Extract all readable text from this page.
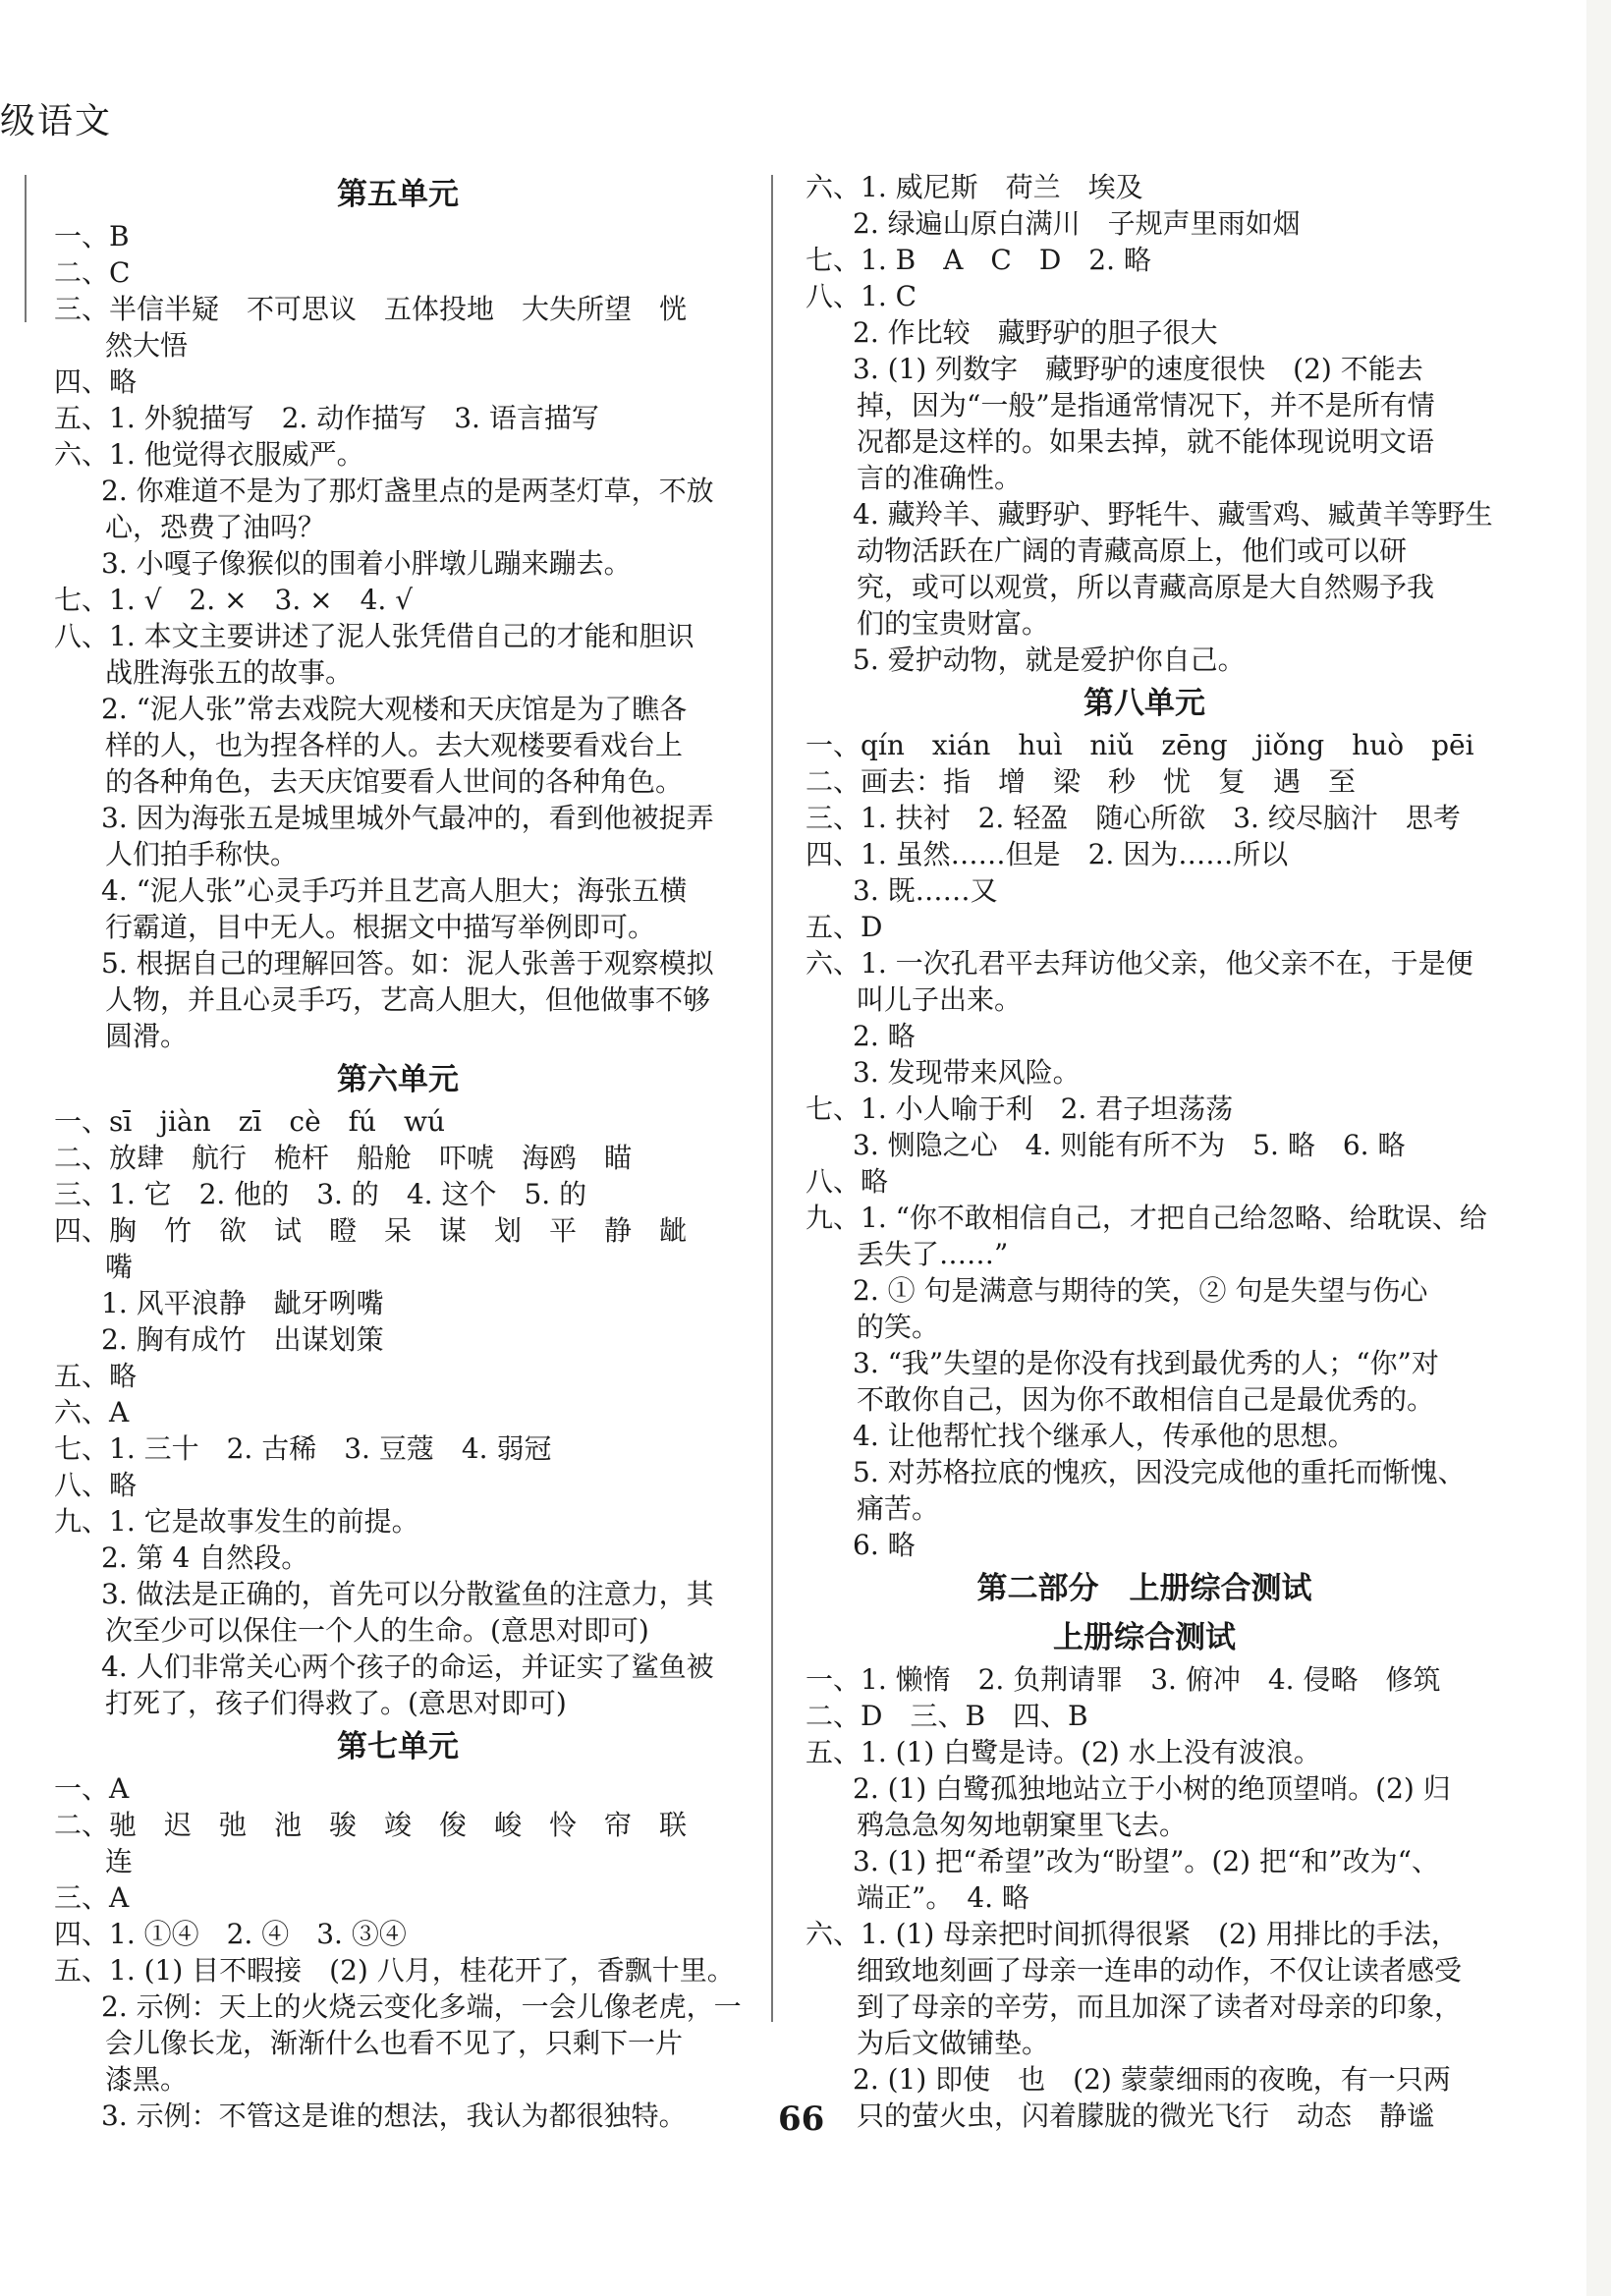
级语文
第五单元
一、B
二、C
三、半信半疑　不可思议　五体投地　大失所望　恍
然大悟
四、略
五、1. 外貌描写　2. 动作描写　3. 语言描写
六、1. 他觉得衣服威严。
2. 你难道不是为了那灯盏里点的是两茎灯草，不放
心，恐费了油吗？
3. 小嘎子像猴似的围着小胖墩儿蹦来蹦去。
七、1. √　2. ×　3. ×　4. √
八、1. 本文主要讲述了泥人张凭借自己的才能和胆识
战胜海张五的故事。
2. “泥人张”常去戏院大观楼和天庆馆是为了瞧各
样的人，也为捏各样的人。去大观楼要看戏台上
的各种角色，去天庆馆要看人世间的各种角色。
3. 因为海张五是城里城外气最冲的，看到他被捉弄
人们拍手称快。
4. “泥人张”心灵手巧并且艺高人胆大；海张五横
行霸道，目中无人。根据文中描写举例即可。
5. 根据自己的理解回答。如：泥人张善于观察模拟
人物，并且心灵手巧，艺高人胆大，但他做事不够
圆滑。
第六单元
一、sī　jiàn　zī　cè　fú　wú
二、放肆　航行　桅杆　船舱　吓唬　海鸥　瞄
三、1. 它　2. 他的　3. 的　4. 这个　5. 的
四、胸　竹　欲　试　瞪　呆　谋　划　平　静　龇
嘴
1. 风平浪静　龇牙咧嘴
2. 胸有成竹　出谋划策
五、略
六、A
七、1. 三十　2. 古稀　3. 豆蔻　4. 弱冠
八、略
九、1. 它是故事发生的前提。
2. 第 4 自然段。
3. 做法是正确的，首先可以分散鲨鱼的注意力，其
次至少可以保住一个人的生命。(意思对即可)
4. 人们非常关心两个孩子的命运，并证实了鲨鱼被
打死了，孩子们得救了。(意思对即可)
第七单元
一、A
二、驰　迟　弛　池　骏　竣　俊　峻　怜　帘　联
连
三、A
四、1. ①④　2. ④　3. ③④
五、1. (1) 目不暇接　(2) 八月，桂花开了，香飘十里。
2. 示例：天上的火烧云变化多端，一会儿像老虎，一
会儿像长龙，渐渐什么也看不见了，只剩下一片
漆黑。
3. 示例：不管这是谁的想法，我认为都很独特。
六、1. 威尼斯　荷兰　埃及
2. 绿遍山原白满川　子规声里雨如烟
七、1. B　A　C　D　2. 略
八、1. C
2. 作比较　藏野驴的胆子很大
3. (1) 列数字　藏野驴的速度很快　(2) 不能去
掉，因为“一般”是指通常情况下，并不是所有情
况都是这样的。如果去掉，就不能体现说明文语
言的准确性。
4. 藏羚羊、藏野驴、野牦牛、藏雪鸡、臧黄羊等野生
动物活跃在广阔的青藏高原上，他们或可以研
究，或可以观赏，所以青藏高原是大自然赐予我
们的宝贵财富。
5. 爱护动物，就是爱护你自己。
第八单元
一、qín　xián　huì　niǔ　zēng　jiǒng　huò　pēi
二、画去：指　增　梁　秒　忧　复　遇　至
三、1. 扶衬　2. 轻盈　随心所欲　3. 绞尽脑汁　思考
四、1. 虽然……但是　2. 因为……所以
3. 既……又
五、D
六、1. 一次孔君平去拜访他父亲，他父亲不在，于是便
叫儿子出来。
2. 略
3. 发现带来风险。
七、1. 小人喻于利　2. 君子坦荡荡
3. 恻隐之心　4. 则能有所不为　5. 略　6. 略
八、略
九、1. “你不敢相信自己，才把自己给忽略、给耽误、给
丢失了……”
2. ① 句是满意与期待的笑，② 句是失望与伤心
的笑。
3. “我”失望的是你没有找到最优秀的人；“你”对
不敢你自己，因为你不敢相信自己是最优秀的。
4. 让他帮忙找个继承人，传承他的思想。
5. 对苏格拉底的愧疚，因没完成他的重托而惭愧、
痛苦。
6. 略
第二部分　上册综合测试
上册综合测试
一、1. 懒惰　2. 负荆请罪　3. 俯冲　4. 侵略　修筑
二、D　三、B　四、B
五、1. (1) 白鹭是诗。(2) 水上没有波浪。
2. (1) 白鹭孤独地站立于小树的绝顶望哨。(2) 归
鸦急急匆匆地朝窠里飞去。
3. (1) 把“希望”改为“盼望”。(2) 把“和”改为“、
端正”。　4. 略
六、1. (1) 母亲把时间抓得很紧　(2) 用排比的手法，
细致地刻画了母亲一连串的动作，不仅让读者感受
到了母亲的辛劳，而且加深了读者对母亲的印象，
为后文做铺垫。
2. (1) 即使　也　(2) 蒙蒙细雨的夜晚，有一只两
只的萤火虫，闪着朦胧的微光飞行　动态　静谧
66
